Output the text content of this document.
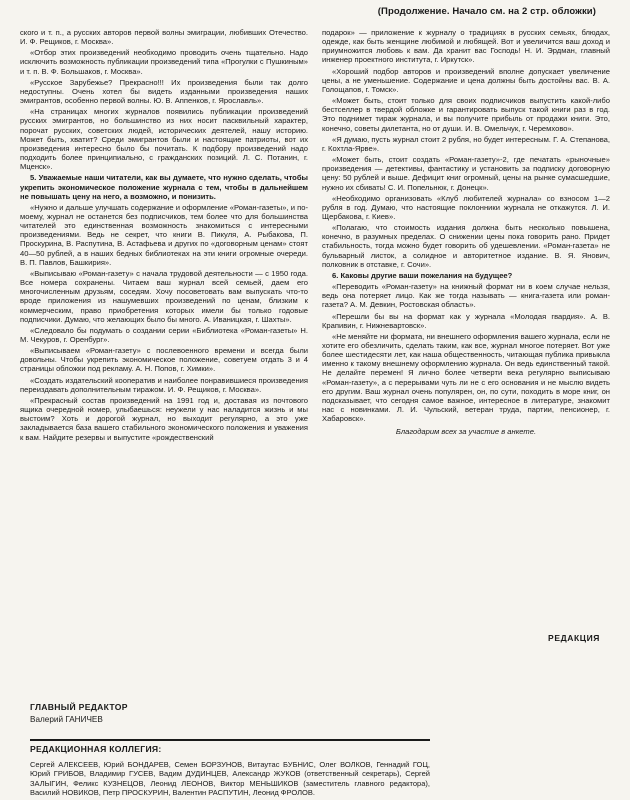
(Продолжение. Начало см. на 2 стр. обложки)

ского и т. п., а русских авторов первой волны эмиграции, любивших Отечество. И. Ф. Рещиков, г. Москва».

«Отбор этих произведений необходимо проводить очень тщательно. Надо исключить возможность публикации произведений типа «Прогулки с Пушкиным» и т. п. В. Ф. Большаков, г. Москва».

«Русское Зарубежье? Прекрасно!!! Их произведения были так долго недоступны. Очень хотел бы видеть изданными произведения наших эмигрантов, особенно первой волны. Ю. В. Аппенков, г. Ярославль».

«На страницах многих журналов появились публикации произведений русских эмигрантов, но большинство из них носит пасквильный характер, порочат русских, советских людей, исторических деятелей, нашу историю. Может быть, хватит? Среди эмигрантов были и настоящие патриоты, вот их произведения интересно было бы почитать. К подбору произведений надо подходить более принципиально, с гражданских позиций. Л. С. Потанин, г. Мценск».

5. Уважаемые наши читатели, как вы думаете, что нужно сделать, чтобы укрепить экономическое положение журнала с тем, чтобы в дальнейшем не повышать цену на него, а возможно, и понизить.

«Нужно и дальше улучшать содержание и оформление «Роман-газеты», и по-моему, журнал не останется без подписчиков, тем более что для большинства читателей это единственная возможность знакомиться с интересными произведениями. Ведь не секрет, что книги В. Пикуля, А. Рыбакова, П. Проскурина, В. Распутина, В. Астафьева и других по «договорным ценам» стоят 40—50 рублей, а в наших бедных библиотеках на эти книги огромные очереди. В. П. Павлов, Башкирия».

«Выписываю «Роман-газету» с начала трудовой деятельности — с 1950 года. Все номера сохранены. Читаем ваш журнал всей семьей, даем его многочисленным друзьям, соседям. Хочу посоветовать вам выпускать что-то вроде приложения из нашумевших произведений по ценам, близким к коммерческим, право приобретения которых имели бы только годовые подписчики. Думаю, что желающих было бы много. А. Иваницкая, г. Шахты».

«Следовало бы подумать о создании серии «Библиотека «Роман-газеты» Н. М. Чекуров, г. Оренбург».

«Выписываем «Роман-газету» с послевоенного времени и всегда были довольны. Чтобы укрепить экономическое положение, советуем отдать 3 и 4 страницы обложки под рекламу. А. Н. Попов, г. Химки».

«Создать издательский кооператив и наиболее понравившиеся произведения переиздавать дополнительным тиражом. И. Ф. Рещиков, г. Москва».

«Прекрасный состав произведений на 1991 год и, доставая из почтового ящика очередной номер, улыбаешься: неужели у нас наладится жизнь и мы выстоим? Хоть и дорогой журнал, но выходит регулярно, а это уже закладывается база вашего стабильного экономического положения и уважения к вам. Найдите резервы и выпустите «рождественский

подарок» — приложение к журналу о традициях в русских семьях, блюдах, одежде, как быть женщине любимой и любящей. Вот и увеличится ваш доход и приумножится любовь к вам. Да хранит вас Господь! Н. И. Эрдман, главный инженер проектного института, г. Иркутск».

«Хороший подбор авторов и произведений вполне допускает увеличение цены, а не уменьшение. Содержание и цена должны быть достойны вас. В. А. Голощапов, г. Томск».

«Может быть, стоит только для своих подписчиков выпустить какой-либо бестселлер в твердой обложке и гарантировать выпуск такой книги раз в год. Это поднимет тираж журнала, и вы получите прибыль от продажи книги. Это, конечно, советы дилетанта, но от души. И. В. Омельчук, г. Черемхово».

«Я думаю, пусть журнал стоит 2 рубля, но будет интересным. Г. А. Степанова, г. Кохтла-Ярве».

«Может быть, стоит создать «Роман-газету»-2, где печатать «рыночные» произведения — детективы, фантастику и установить за подписку договорную цену: 50 рублей и выше. Дефицит книг огромный, цены на рынке сумасшедшие, нужно их сбивать! С. И. Попельнюк, г. Донецк».

«Необходимо организовать «Клуб любителей журнала» со взносом 1—2 рубля в год. Думаю, что настоящие поклонники журнала не откажутся. Л. И. Щербакова, г. Киев».

«Полагаю, что стоимость издания должна быть несколько повышена, конечно, в разумных пределах. О снижении цены пока говорить рано. Придет стабильность, тогда можно будет говорить об удешевлении. «Роман-газета» не бульварный листок, а солидное и авторитетное издание. В. Я. Янович, полковник в отставке, г. Сочи».

6. Каковы другие ваши пожелания на будущее?

«Переводить «Роман-газету» на книжный формат ни в коем случае нельзя, ведь она потеряет лицо. Как же тогда называть — книга-газета или роман-газета? А. М. Девкин, Ростовская область».

«Перешли бы вы на формат как у журнала «Молодая гвардия». А. В. Крапивин, г. Нижневартовск».

«Не меняйте ни формата, ни внешнего оформления вашего журнала, если не хотите его обезличить, сделать таким, как все, журнал многое потеряет. Вот уже более шестидесяти лет, как наша общественность, читающая публика привыкла именно к такому внешнему оформлению журнала. Он ведь единственный такой. Не делайте перемен! Я лично более четверти века регулярно выписываю «Роман-газету», а с перерывами чуть ли не с его основания и не мыслю видеть его другим. Ваш журнал очень популярен, он, по сути, походить в море книг, он подсказывает, что сегодня самое важное, интересное в литературе, знакомит нас с новинками. Л. И. Чульский, ветеран труда, партии, пенсионер, г. Хабаровск».

Благодарим всех за участие в анкете.

РЕДАКЦИЯ

ГЛАВНЫЙ РЕДАКТОР

Валерий ГАНИЧЕВ

РЕДАКЦИОННАЯ КОЛЛЕГИЯ:
Сергей АЛЕКСЕЕВ, Юрий БОНДАРЕВ, Семен БОРЗУНОВ, Витаутас БУБНИС, Олег ВОЛКОВ, Геннадий ГОЦ, Юрий ГРИБОВ, Владимир ГУСЕВ, Вадим ДУДИНЦЕВ, Александр ЖУКОВ (ответственный секретарь), Сергей ЗАЛЫГИН, Феликс КУЗНЕЦОВ, Леонид ЛЕОНОВ, Виктор МЕНЬШИКОВ (заместитель главного редактора), Василий НОВИКОВ, Петр ПРОСКУРИН, Валентин РАСПУТИН, Леонид ФРОЛОВ.
